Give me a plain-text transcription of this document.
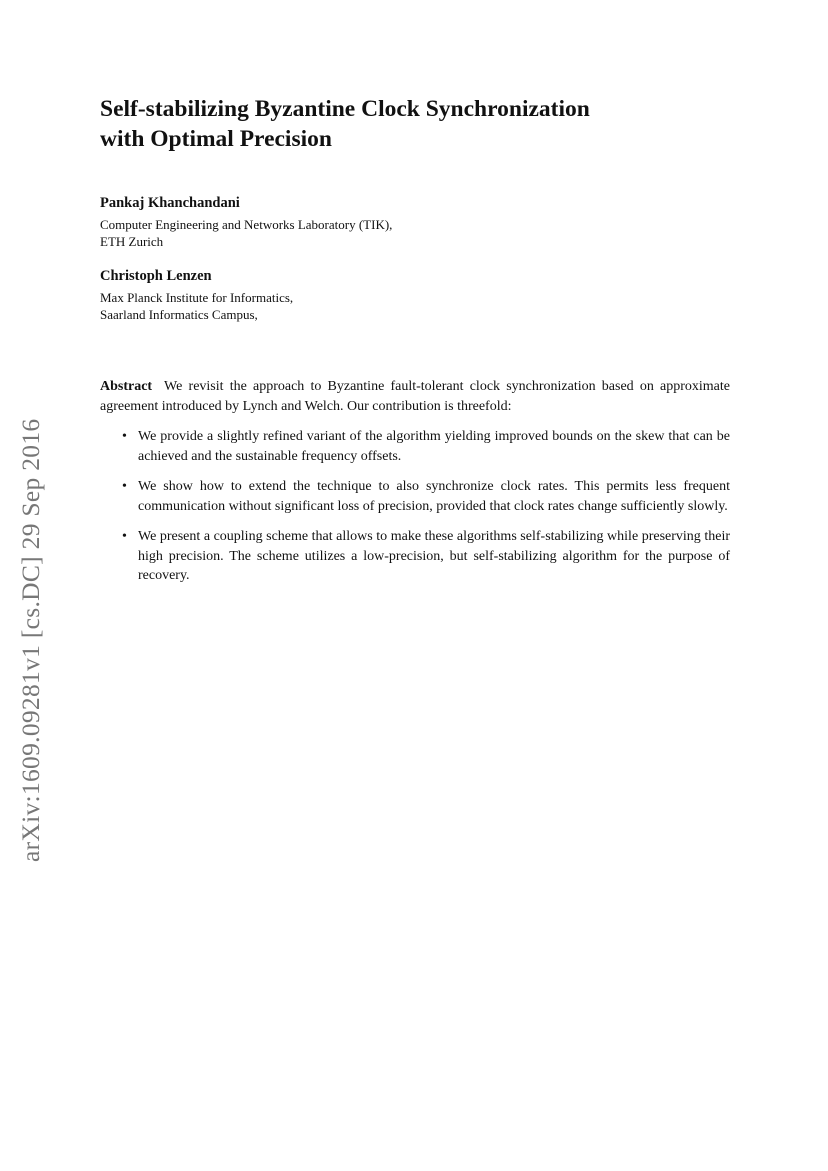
arXiv:1609.09281v1 [cs.DC] 29 Sep 2016
Self-stabilizing Byzantine Clock Synchronization
with Optimal Precision
Pankaj Khanchandani
Computer Engineering and Networks Laboratory (TIK),
ETH Zurich
Christoph Lenzen
Max Planck Institute for Informatics,
Saarland Informatics Campus,
Abstract We revisit the approach to Byzantine fault-tolerant clock synchronization based on approximate agreement introduced by Lynch and Welch. Our contribution is threefold:
• We provide a slightly refined variant of the algorithm yielding improved bounds on the skew that can be achieved and the sustainable frequency offsets.
• We show how to extend the technique to also synchronize clock rates. This permits less frequent communication without significant loss of precision, provided that clock rates change sufficiently slowly.
• We present a coupling scheme that allows to make these algorithms self-stabilizing while preserving their high precision. The scheme utilizes a low-precision, but self-stabilizing algorithm for the purpose of recovery.
